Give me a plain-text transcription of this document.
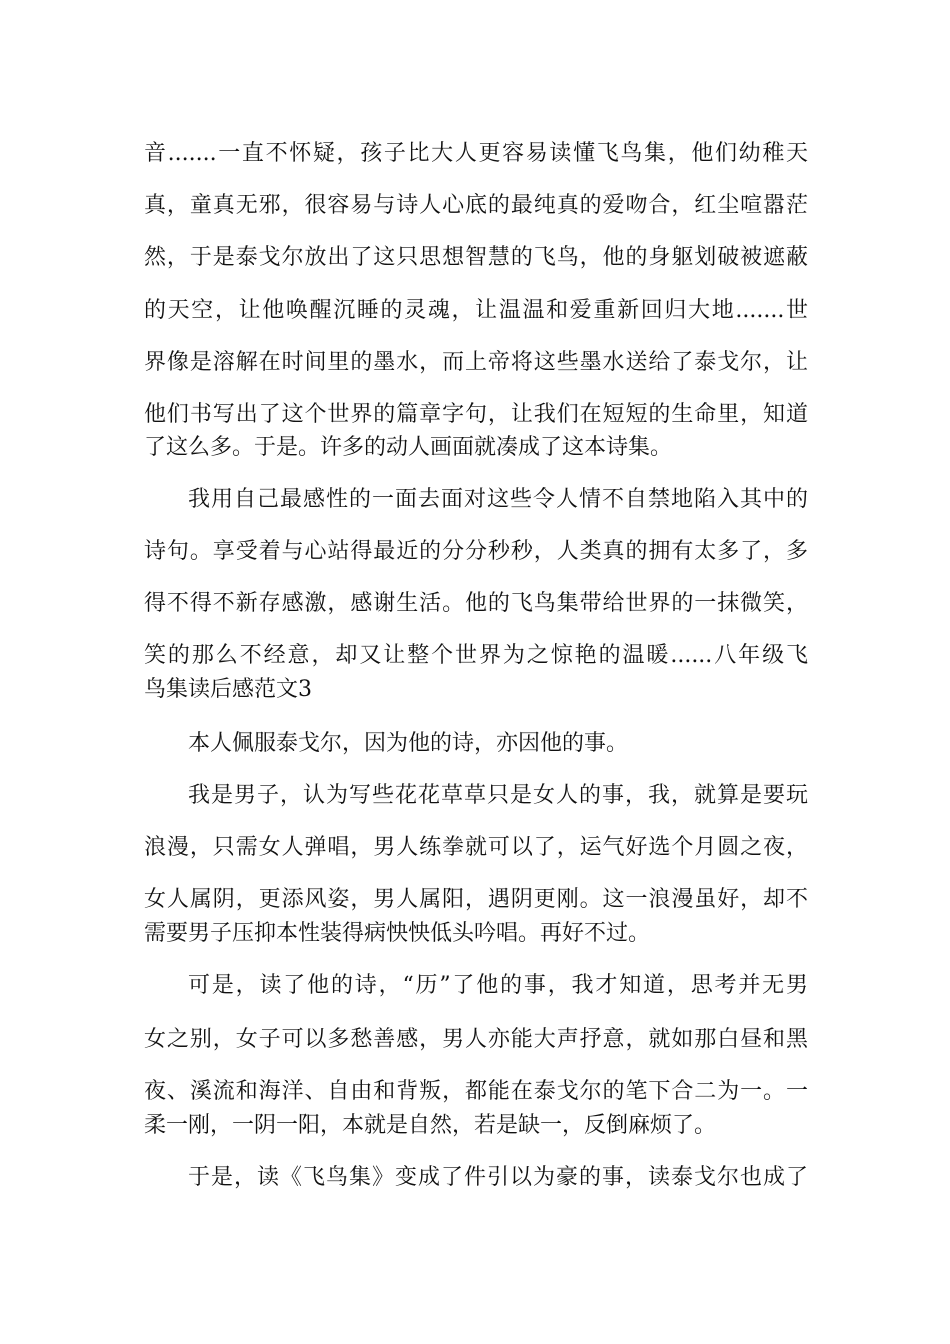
音.......一直不怀疑，孩子比大人更容易读懂飞鸟集，他们幼稚天
真，童真无邪，很容易与诗人心底的最纯真的爱吻合，红尘喧嚣茫
然，于是泰戈尔放出了这只思想智慧的飞鸟，他的身躯划破被遮蔽
的天空，让他唤醒沉睡的灵魂，让温温和爱重新回归大地.......世
界像是溶解在时间里的墨水，而上帝将这些墨水送给了泰戈尔，让
他们书写出了这个世界的篇章字句，让我们在短短的生命里，知道
了这么多。于是。许多的动人画面就凑成了这本诗集。
我用自己最感性的一面去面对这些令人情不自禁地陷入其中的
诗句。享受着与心站得最近的分分秒秒，人类真的拥有太多了，多
得不得不新存感激，感谢生活。他的飞鸟集带给世界的一抹微笑，
笑的那么不经意，却又让整个世界为之惊艳的温暖......八年级飞
鸟集读后感范文3
本人佩服泰戈尔，因为他的诗，亦因他的事。
我是男子，认为写些花花草草只是女人的事，我，就算是要玩
浪漫，只需女人弹唱，男人练拳就可以了，运气好选个月圆之夜，
女人属阴，更添风姿，男人属阳，遇阴更刚。这一浪漫虽好，却不
需要男子压抑本性装得病怏怏低头吟唱。再好不过。
可是，读了他的诗，“历”了他的事，我才知道，思考并无男
女之别，女子可以多愁善感，男人亦能大声抒意，就如那白昼和黑
夜、溪流和海洋、自由和背叛，都能在泰戈尔的笔下合二为一。一
柔一刚，一阴一阳，本就是自然，若是缺一，反倒麻烦了。
于是，读《飞鸟集》变成了件引以为豪的事，读泰戈尔也成了
